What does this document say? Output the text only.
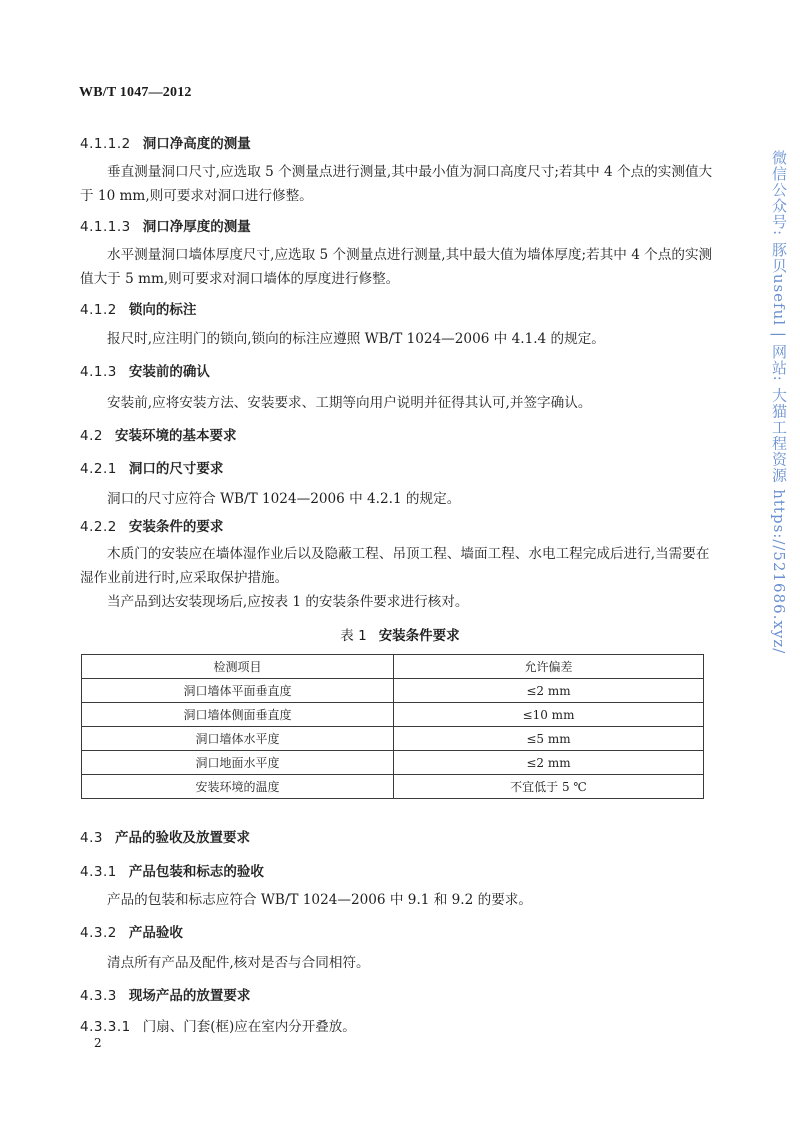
WB/T 1047—2012
4.1.1.2 洞口净高度的测量
垂直测量洞口尺寸,应选取 5 个测量点进行测量,其中最小值为洞口高度尺寸;若其中 4 个点的实测值大于 10 mm,则可要求对洞口进行修整。
4.1.1.3 洞口净厚度的测量
水平测量洞口墙体厚度尺寸,应选取 5 个测量点进行测量,其中最大值为墙体厚度;若其中 4 个点的实测值大于 5 mm,则可要求对洞口墙体的厚度进行修整。
4.1.2 锁向的标注
报尺时,应注明门的锁向,锁向的标注应遵照 WB/T 1024—2006 中 4.1.4 的规定。
4.1.3 安装前的确认
安装前,应将安装方法、安装要求、工期等向用户说明并征得其认可,并签字确认。
4.2 安装环境的基本要求
4.2.1 洞口的尺寸要求
洞口的尺寸应符合 WB/T 1024—2006 中 4.2.1 的规定。
4.2.2 安装条件的要求
木质门的安装应在墙体湿作业后以及隐蔽工程、吊顶工程、墙面工程、水电工程完成后进行,当需要在湿作业前进行时,应采取保护措施。
当产品到达安装现场后,应按表 1 的安装条件要求进行核对。
表 1 安装条件要求
检测项目	允许偏差
洞口墙体平面垂直度	≤2 mm
洞口墙体侧面垂直度	≤10 mm
洞口墙体水平度	≤5 mm
洞口地面水平度	≤2 mm
安装环境的温度	不宜低于 5 ℃
4.3 产品的验收及放置要求
4.3.1 产品包装和标志的验收
产品的包装和标志应符合 WB/T 1024—2006 中 9.1 和 9.2 的要求。
4.3.2 产品验收
清点所有产品及配件,核对是否与合同相符。
4.3.3 现场产品的放置要求
4.3.3.1 门扇、门套(框)应在室内分开叠放。
2
微信公众号: 豚贝useful | 网站: 大猫工程资源 https://521686.xyz/
